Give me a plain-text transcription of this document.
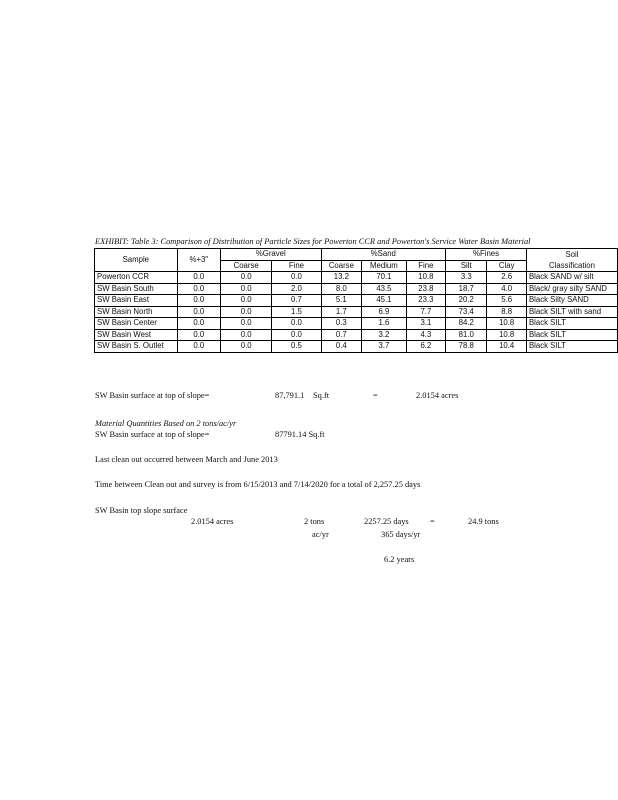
EXHIBIT: Table 3: Comparison of Distribution of Particle Sizes for Powerton CCR and Powerton's Service Water Basin Material
Sample	%+3"	%Gravel		%Sand			%Fines		Soil
		Coarse	Fine	Coarse	Medium	Fine	Silt	Clay	Classification
Powerton CCR	0.0	0.0	0.0	13.2	70.1	10.8	3.3	2.6	Black SAND w/ silt
SW Basin South	0.0	0.0	2.0	8.0	43.5	23.8	18.7	4.0	Black/ gray silty SAND
SW Basin East	0.0	0.0	0.7	5.1	45.1	23.3	20.2	5.6	Black Silty SAND
SW Basin North	0.0	0.0	1.5	1.7	6.9	7.7	73.4	8.8	Black SILT with sand
SW Basin Center	0.0	0.0	0.0	0.3	1.6	3.1	84.2	10.8	Black SILT
SW Basin West	0.0	0.0	0.0	0.7	3.2	4.3	81.0	10.8	Black SILT
SW Basin S. Outlet	0.0	0.0	0.5	0.4	3.7	6.2	78.8	10.4	Black SILT
SW Basin surface at top of slope=	87,791.1 Sq.ft	=	2.0154 acres
Material Quantities Based on 2 tons/ac/yr
SW Basin surface at top of slope=	87791.14 Sq.ft
Last clean out occurred between March and June 2013
Time between Clean out and survey is from 6/15/2013 and 7/14/2020 for a total of 2,257.25 days
SW Basin top slope surface
2.0154 acres	2 tons
ac/yr
2257.25 days	=	24.9 tons
365 days/yr
6.2 years
